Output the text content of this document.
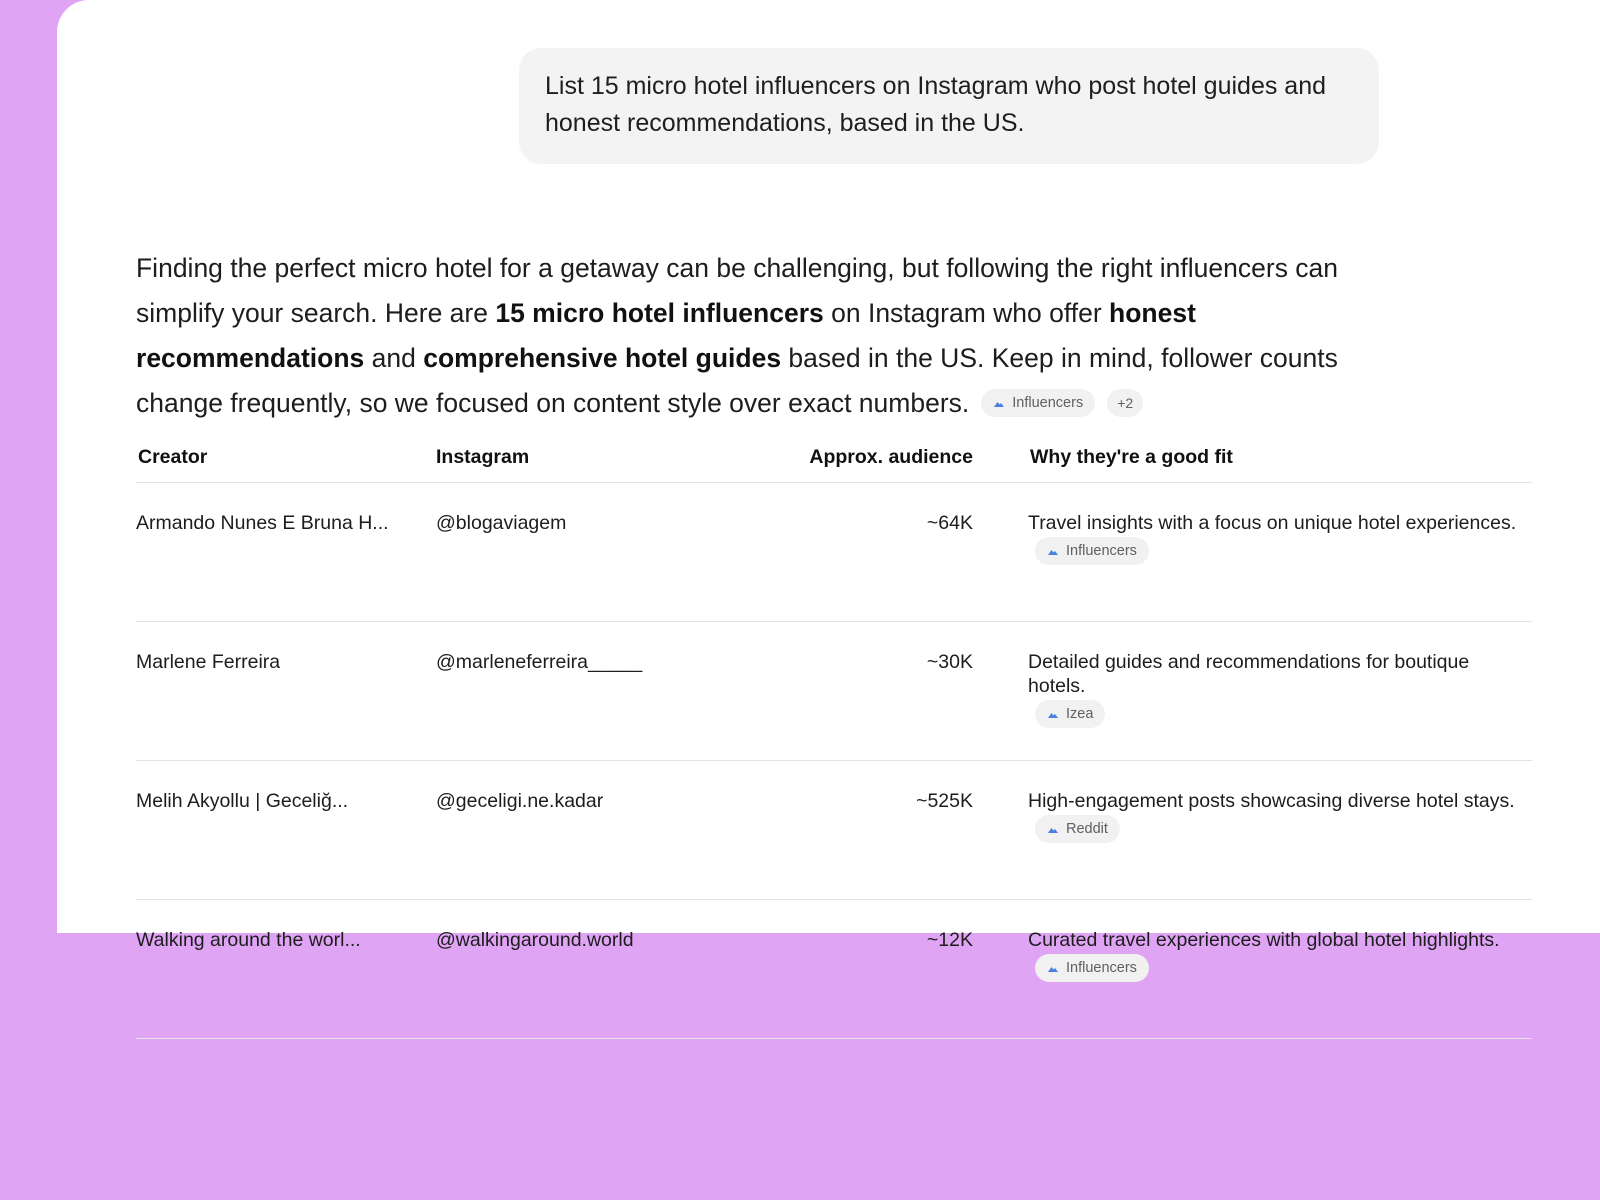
List 15 micro hotel influencers on Instagram who post hotel guides and honest recommendations, based in the US.
Finding the perfect micro hotel for a getaway can be challenging, but following the right influencers can simplify your search. Here are 15 micro hotel influencers on Instagram who offer honest recommendations and comprehensive hotel guides based in the US. Keep in mind, follower counts change frequently, so we focused on content style over exact numbers.	Influencers +2
Creator	Instagram	Approx. audience	Why they're a good fit

Armando Nunes E Bruna H...	@blogaviagem	~64K	Travel insights with a focus on unique hotel experiences.
Influencers

Marlene Ferreira	@marleneferreira_____	~30K	Detailed guides and recommendations for boutique hotels.
Izea

Melih Akyollu | Geceliğ...	@geceligi.ne.kadar	~525K	High-engagement posts showcasing diverse hotel stays.
Reddit

Walking around the worl...	@walkingaround.world	~12K	Curated travel experiences with global hotel highlights.
Influencers
